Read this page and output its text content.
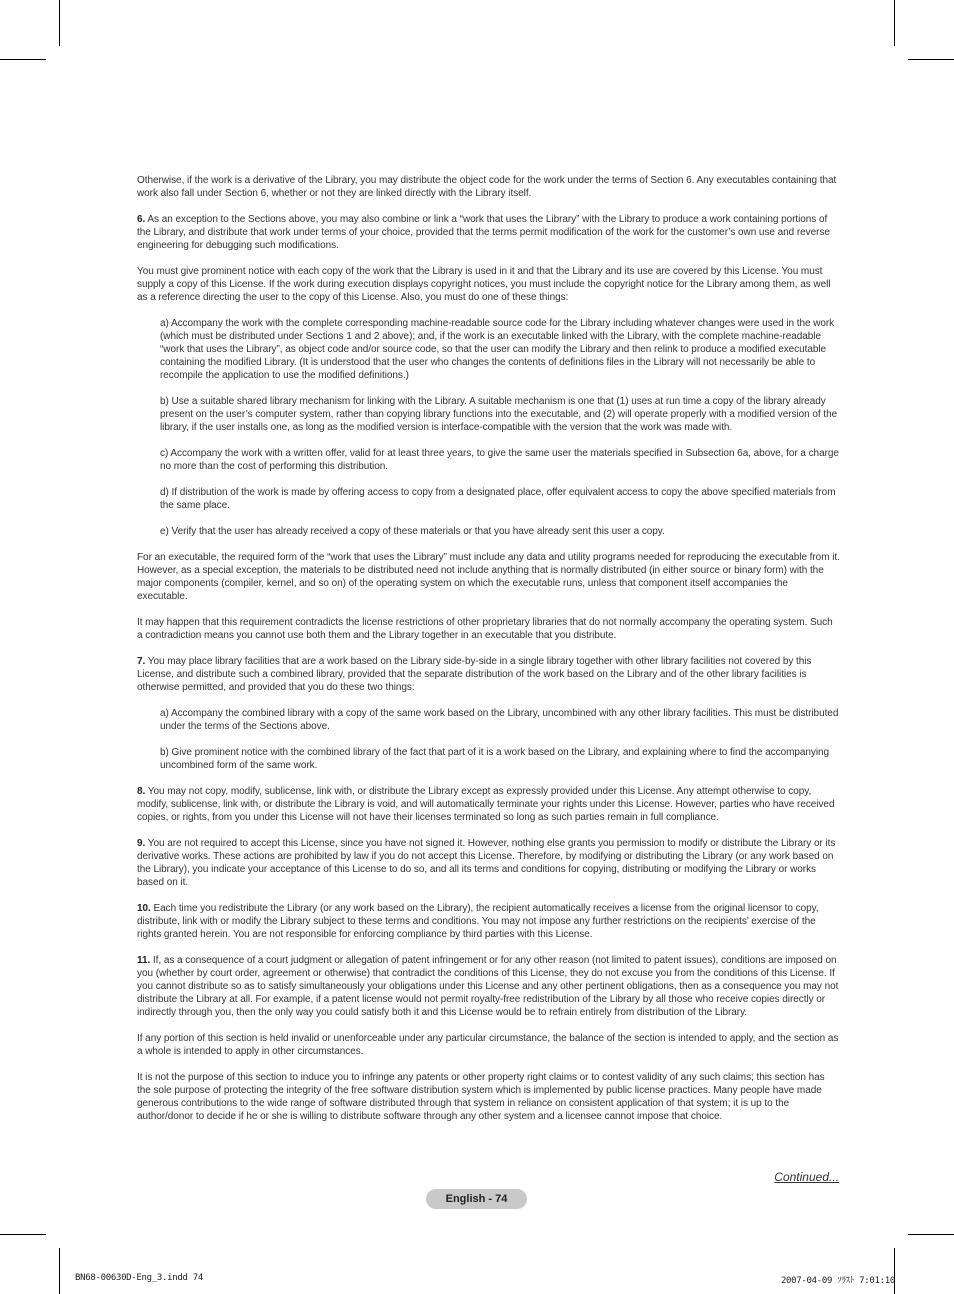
Otherwise, if the work is a derivative of the Library, you may distribute the object code for the work under the terms of Section 6. Any executables containing that work also fall under Section 6, whether or not they are linked directly with the Library itself.

6. As an exception to the Sections above, you may also combine or link a “work that uses the Library” with the Library to produce a work containing portions of the Library, and distribute that work under terms of your choice, provided that the terms permit modification of the work for the customer’s own use and reverse engineering for debugging such modifications.

You must give prominent notice with each copy of the work that the Library is used in it and that the Library and its use are covered by this License. You must supply a copy of this License. If the work during execution displays copyright notices, you must include the copyright notice for the Library among them, as well as a reference directing the user to the copy of this License. Also, you must do one of these things:

a) Accompany the work with the complete corresponding machine-readable source code for the Library including whatever changes were used in the work (which must be distributed under Sections 1 and 2 above); and, if the work is an executable linked with the Library, with the complete machine-readable “work that uses the Library”, as object code and/or source code, so that the user can modify the Library and then relink to produce a modified executable containing the modified Library. (It is understood that the user who changes the contents of definitions files in the Library will not necessarily be able to recompile the application to use the modified definitions.)

b) Use a suitable shared library mechanism for linking with the Library. A suitable mechanism is one that (1) uses at run time a copy of the library already present on the user’s computer system, rather than copying library functions into the executable, and (2) will operate properly with a modified version of the library, if the user installs one, as long as the modified version is interface-compatible with the version that the work was made with.

c) Accompany the work with a written offer, valid for at least three years, to give the same user the materials specified in Subsection 6a, above, for a charge no more than the cost of performing this distribution.

d) If distribution of the work is made by offering access to copy from a designated place, offer equivalent access to copy the above specified materials from the same place.

e) Verify that the user has already received a copy of these materials or that you have already sent this user a copy.

For an executable, the required form of the “work that uses the Library” must include any data and utility programs needed for reproducing the executable from it. However, as a special exception, the materials to be distributed need not include anything that is normally distributed (in either source or binary form) with the major components (compiler, kernel, and so on) of the operating system on which the executable runs, unless that component itself accompanies the executable.

It may happen that this requirement contradicts the license restrictions of other proprietary libraries that do not normally accompany the operating system. Such a contradiction means you cannot use both them and the Library together in an executable that you distribute.

7. You may place library facilities that are a work based on the Library side-by-side in a single library together with other library facilities not covered by this License, and distribute such a combined library, provided that the separate distribution of the work based on the Library and of the other library facilities is otherwise permitted, and provided that you do these two things:

a) Accompany the combined library with a copy of the same work based on the Library, uncombined with any other library facilities. This must be distributed under the terms of the Sections above.

b) Give prominent notice with the combined library of the fact that part of it is a work based on the Library, and explaining where to find the accompanying uncombined form of the same work.

8. You may not copy, modify, sublicense, link with, or distribute the Library except as expressly provided under this License. Any attempt otherwise to copy, modify, sublicense, link with, or distribute the Library is void, and will automatically terminate your rights under this License. However, parties who have received copies, or rights, from you under this License will not have their licenses terminated so long as such parties remain in full compliance.

9. You are not required to accept this License, since you have not signed it. However, nothing else grants you permission to modify or distribute the Library or its derivative works. These actions are prohibited by law if you do not accept this License. Therefore, by modifying or distributing the Library (or any work based on the Library), you indicate your acceptance of this License to do so, and all its terms and conditions for copying, distributing or modifying the Library or works based on it.

10. Each time you redistribute the Library (or any work based on the Library), the recipient automatically receives a license from the original licensor to copy, distribute, link with or modify the Library subject to these terms and conditions. You may not impose any further restrictions on the recipients’ exercise of the rights granted herein. You are not responsible for enforcing compliance by third parties with this License.

11. If, as a consequence of a court judgment or allegation of patent infringement or for any other reason (not limited to patent issues), conditions are imposed on you (whether by court order, agreement or otherwise) that contradict the conditions of this License, they do not excuse you from the conditions of this License. If you cannot distribute so as to satisfy simultaneously your obligations under this License and any other pertinent obligations, then as a consequence you may not distribute the Library at all. For example, if a patent license would not permit royalty-free redistribution of the Library by all those who receive copies directly or indirectly through you, then the only way you could satisfy both it and this License would be to refrain entirely from distribution of the Library.

If any portion of this section is held invalid or unenforceable under any particular circumstance, the balance of the section is intended to apply, and the section as a whole is intended to apply in other circumstances.

It is not the purpose of this section to induce you to infringe any patents or other property right claims or to contest validity of any such claims; this section has the sole purpose of protecting the integrity of the free software distribution system which is implemented by public license practices. Many people have made generous contributions to the wide range of software distributed through that system in reliance on consistent application of that system; it is up to the author/donor to decide if he or she is willing to distribute software through any other system and a licensee cannot impose that choice.

Continued...
English - 74
BN68-00630D-Eng_3.indd 74	2007-04-09 ｿﾗｽﾄ 7:01:10
